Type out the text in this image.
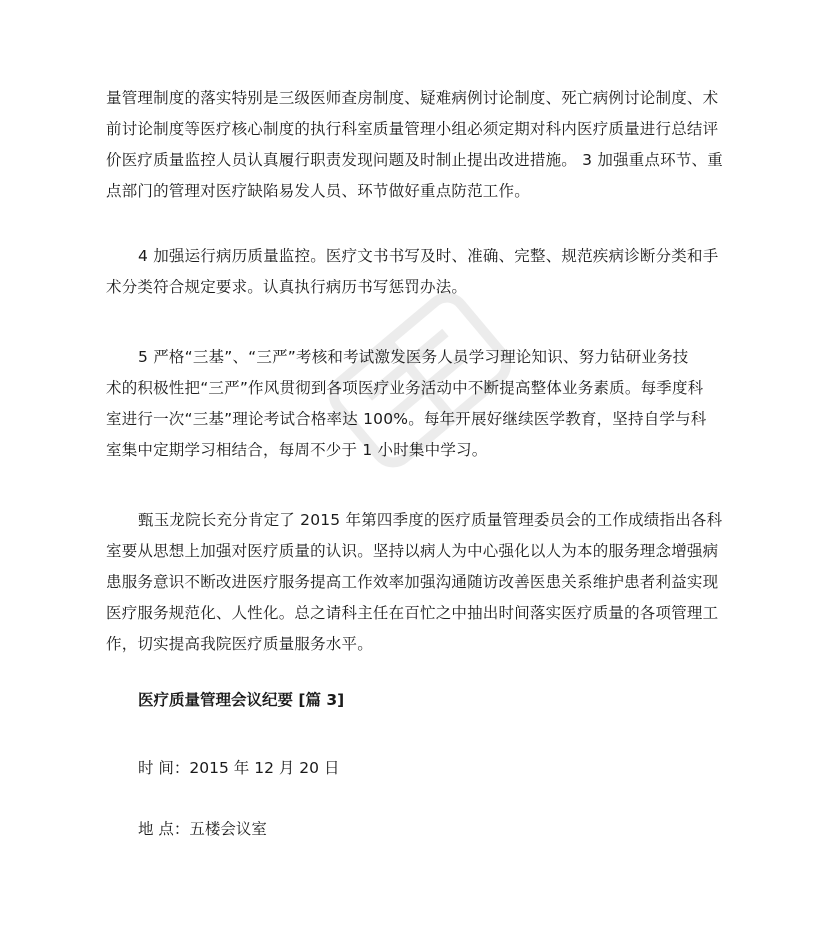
量管理制度的落实特别是三级医师查房制度、疑难病例讨论制度、死亡病例讨论制度、术
前讨论制度等医疗核心制度的执行科室质量管理小组必须定期对科内医疗质量进行总结评
价医疗质量监控人员认真履行职责发现问题及时制止提出改进措施。 3 加强重点环节、重
点部门的管理对医疗缺陷易发人员、环节做好重点防范工作。

4 加强运行病历质量监控。医疗文书书写及时、准确、完整、规范疾病诊断分类和手
术分类符合规定要求。认真执行病历书写惩罚办法。

5 严格“三基”、“三严”考核和考试激发医务人员学习理论知识、努力钻研业务技
术的积极性把“三严”作风贯彻到各项医疗业务活动中不断提高整体业务素质。每季度科
室进行一次“三基”理论考试合格率达 100%。每年开展好继续医学教育，坚持自学与科
室集中定期学习相结合，每周不少于 1 小时集中学习。

甄玉龙院长充分肯定了 2015 年第四季度的医疗质量管理委员会的工作成绩指出各科
室要从思想上加强对医疗质量的认识。坚持以病人为中心强化以人为本的服务理念增强病
患服务意识不断改进医疗服务提高工作效率加强沟通随访改善医患关系维护患者利益实现
医疗服务规范化、人性化。总之请科主任在百忙之中抽出时间落实医疗质量的各项管理工
作，切实提高我院医疗质量服务水平。

医疗质量管理会议纪要 [篇 3]

时 间：2015 年 12 月 20 日

地 点：五楼会议室
